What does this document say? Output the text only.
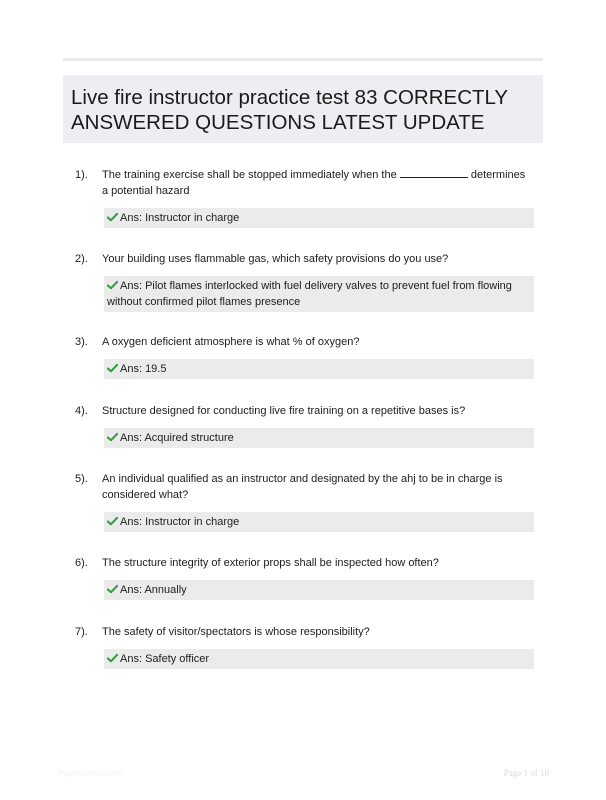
Live fire instructor practice test 83 CORRECTLY ANSWERED QUESTIONS LATEST UPDATE
1). The training exercise shall be stopped immediately when the	determines a potential hazard
Ans: Instructor in charge
2). Your building uses flammable gas, which safety provisions do you use?
Ans: Pilot flames interlocked with fuel delivery valves to prevent fuel from flowing without confirmed pilot flames presence
3). A oxygen deficient atmosphere is what % of oxygen?
Ans: 19.5
4). Structure designed for conducting live fire training on a repetitive bases is?
Ans: Acquired structure
5). An individual qualified as an instructor and designated by the ahj to be in charge is considered what?
Ans: Instructor in charge
6). The structure integrity of exterior props shall be inspected how often?
Ans: Annually
7). The safety of visitor/spectators is whose responsibility?
Ans: Safety officer
PaperStroc.com	Page 1 of 10
